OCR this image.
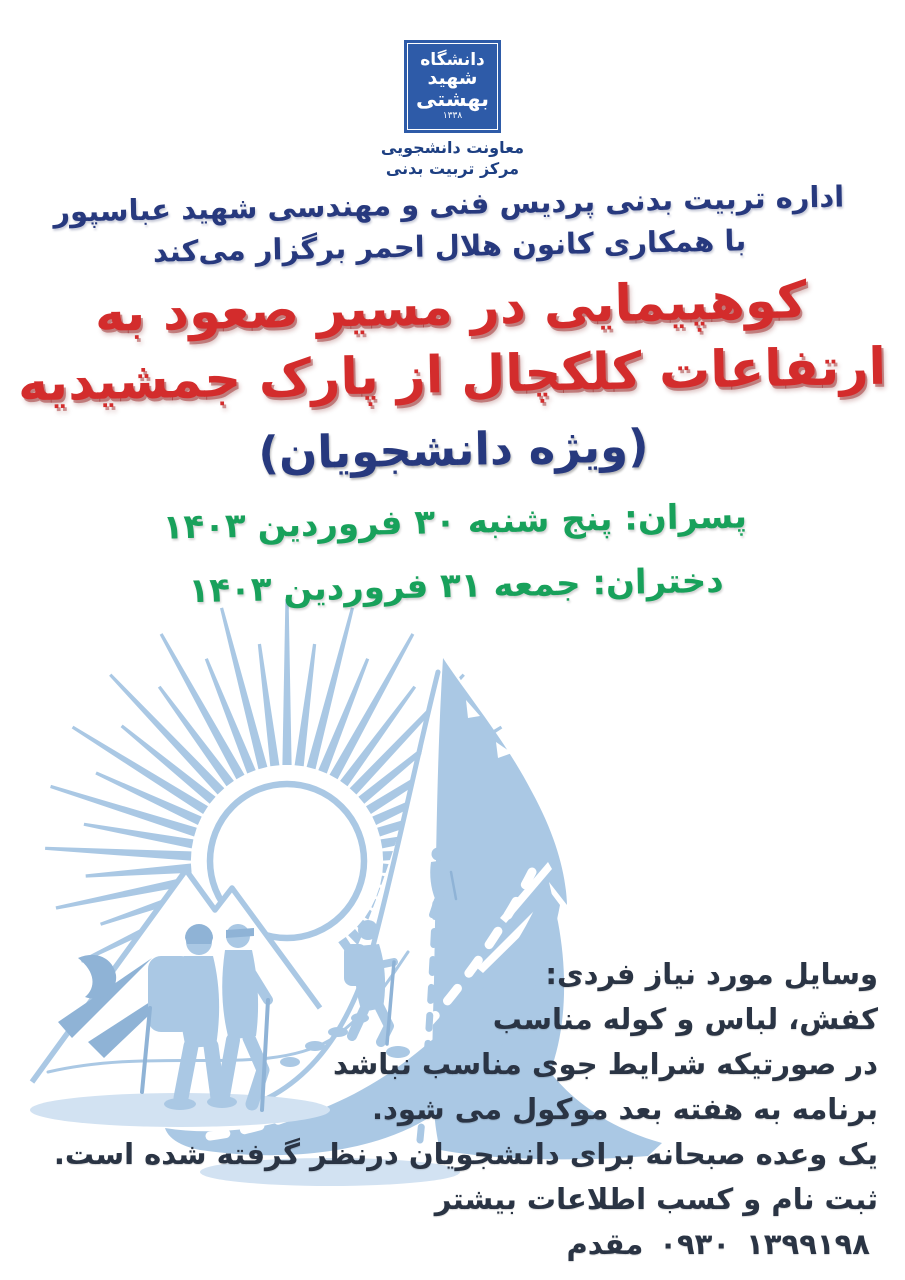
دانشگاه
شهید
بهشتی
۱۳۳۸
معاونت دانشجویی
مرکز تربیت بدنی
اداره تربیت بدنی پردیس فنی و مهندسی شهید عباسپور
با همکاری کانون هلال احمر برگزار می‌کند
کوهپیمایی در مسیر صعود به
ارتفاعات کلکچال از پارک جمشیدیه
(ویژه دانشجویان)
پسران: پنج شنبه ۳۰ فروردین ۱۴۰۳
دختران: جمعه ۳۱ فروردین ۱۴۰۳
وسایل مورد نیاز فردی:
کفش، لباس و کوله مناسب
در صورتیکه شرایط جوی مناسب نباشد
برنامه به هفته بعد موکول می شود.
یک وعده صبحانه برای دانشجویان درنظر گرفته شده است.
ثبت نام و کسب اطلاعات بیشتر
مقدم ۰۹۳۰ ۱۳۹۹۱۹۸
